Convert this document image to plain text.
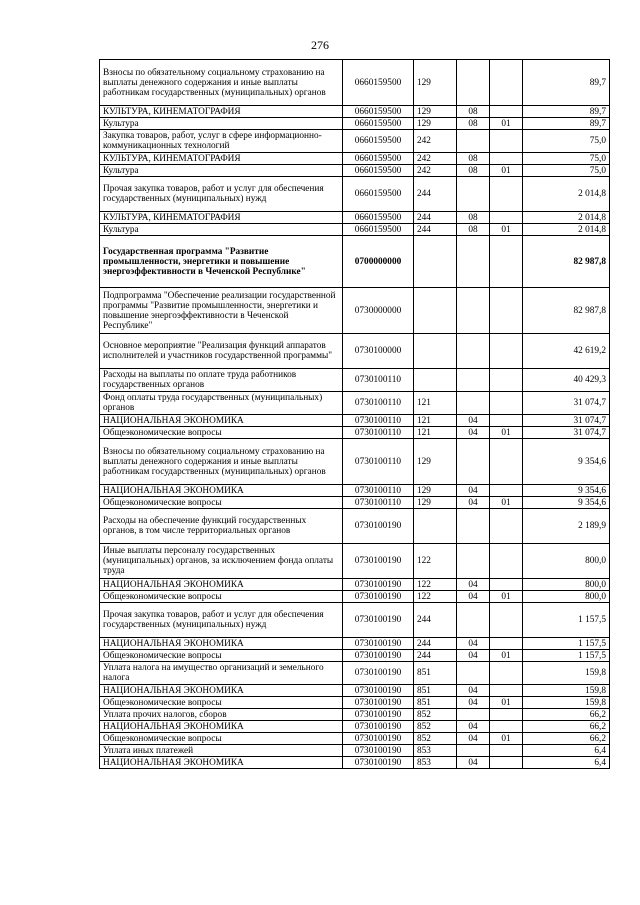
276
Взносы по обязательному социальному страхованию на выплаты денежного содержания и иные выплаты работникам государственных (муниципальных) органов	0660159500	129			89,7
КУЛЬТУРА, КИНЕМАТОГРАФИЯ	0660159500	129	08		89,7
Культура	0660159500	129	08	01	89,7
Закупка товаров, работ, услуг в сфере информационно-коммуникационных технологий	0660159500	242			75,0
КУЛЬТУРА, КИНЕМАТОГРАФИЯ	0660159500	242	08		75,0
Культура	0660159500	242	08	01	75,0
Прочая закупка товаров, работ и услуг для обеспечения государственных (муниципальных) нужд	0660159500	244			2 014,8
КУЛЬТУРА, КИНЕМАТОГРАФИЯ	0660159500	244	08		2 014,8
Культура	0660159500	244	08	01	2 014,8
Государственная программа "Развитие промышленности, энергетики и повышение энергоэффективности в Чеченской Республике"	0700000000				82 987,8
Подпрограмма "Обеспечение реализации государственной программы "Развитие промышленности, энергетики и повышение энергоэффективности в Чеченской Республике"	0730000000				82 987,8
Основное мероприятие "Реализация функций аппаратов исполнителей и участников государственной программы"	0730100000				42 619,2
Расходы на выплаты по оплате труда работников государственных органов	0730100110				40 429,3
Фонд оплаты труда государственных (муниципальных) органов	0730100110	121			31 074,7
НАЦИОНАЛЬНАЯ ЭКОНОМИКА	0730100110	121	04		31 074,7
Общеэкономические вопросы	0730100110	121	04	01	31 074,7
Взносы по обязательному социальному страхованию на выплаты денежного содержания и иные выплаты работникам государственных (муниципальных) органов	0730100110	129			9 354,6
НАЦИОНАЛЬНАЯ ЭКОНОМИКА	0730100110	129	04		9 354,6
Общеэкономические вопросы	0730100110	129	04	01	9 354,6
Расходы на обеспечение функций государственных органов, в том числе территориальных органов	0730100190				2 189,9
Иные выплаты персоналу государственных (муниципальных) органов, за исключением фонда оплаты труда	0730100190	122			800,0
НАЦИОНАЛЬНАЯ ЭКОНОМИКА	0730100190	122	04		800,0
Общеэкономические вопросы	0730100190	122	04	01	800,0
Прочая закупка товаров, работ и услуг для обеспечения государственных (муниципальных) нужд	0730100190	244			1 157,5
НАЦИОНАЛЬНАЯ ЭКОНОМИКА	0730100190	244	04		1 157,5
Общеэкономические вопросы	0730100190	244	04	01	1 157,5
Уплата налога на имущество организаций и земельного налога	0730100190	851			159,8
НАЦИОНАЛЬНАЯ ЭКОНОМИКА	0730100190	851	04		159,8
Общеэкономические вопросы	0730100190	851	04	01	159,8
Уплата прочих налогов, сборов	0730100190	852			66,2
НАЦИОНАЛЬНАЯ ЭКОНОМИКА	0730100190	852	04		66,2
Общеэкономические вопросы	0730100190	852	04	01	66,2
Уплата иных платежей	0730100190	853			6,4
НАЦИОНАЛЬНАЯ ЭКОНОМИКА	0730100190	853	04		6,4
